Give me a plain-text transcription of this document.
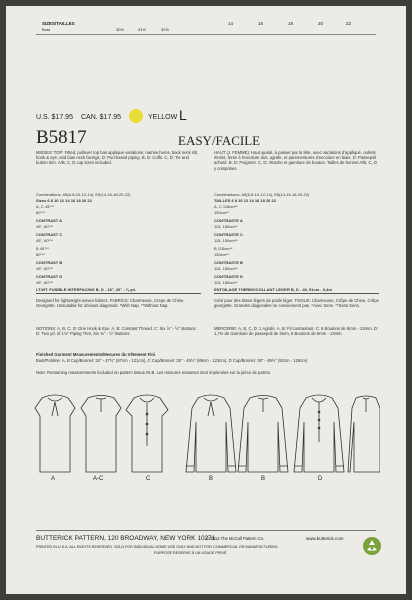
SIZES/TAILLES
Bust	30½	31½	32½
14	16	18	20	22
U.S. $17.95 CAN. $17.95	YELLOW L
B5817	EASY/FACILE
MISSES' TOP: Fitted, pullover top has applique variations, narrow hems, back neck slit, hook & eye, and bias neck facings. D: Purchased piping. B, D: Cuffs. C, D: Tie and button trim. A/B, C, D cup sizes included.
HAUT (J. FEMME): Haut ajusté, à passer par la tête, avec variations d'appliqué, ourlets étroits, fente à l'encolure dos, agrafe, et parementures d'encolure en biais. D: Passepoil acheté. B, D: Poignets. C, D: Attache et garniture de bouton. Tailles de bonnet A/B, C, D y comprises.
Combinations: A5(6-8-10-12-14), E5(14-16-18-20-22)
Sizes 6 8 10 12 14 16 18 20 22
A, C 45"**
60"**
CONTRAST A
45", 60"**
CONTRAST C
45", 60"**
B 45"**
60"**
CONTRAST B
45", 60"**
CONTRAST D
45", 60"**
LT.WT. FUSIBLE INTERFACING B, D - 18", 20" - ⅜ yd.
Combinaisons: A5(6-8-10-12-14), E5(14-16-18-20-22)
TAILLES 6 8 10 12 14 16 18 20 22
A, C 115cm**
150cm**
CONTRASTE A
115, 150cm**
CONTRASTE C
115, 150cm**
B 115cm**
150cm**
CONTRASTE B
115, 150cm**
CONTRASTE D
115, 150cm**
ENTOILAGE THERMOCOLLANT LÉGER B, D - 46, 51cm - 0,4m
Designed for lightweight woven fabrics. FABRICS: Charmeuse, Crepe de Chine, Georgette. Unsuitable for obvious diagonals. *With Nap. **Without Nap.
NOTIONS: A, B, C, D: One Hook & Eye. A, B: Contrast Thread. C: Six ⅞" - ½" Buttons. D: Two yd. of 1⅛" Piping Trim, Six ⅜" - ½" Buttons.
Créé pour des tissus légers de poids léger. TISSUS: Charmeuse, Crêpe de Chine, Crêpe georgette. Grandes diagonales ne conviennent pas. *Avec Sens. **Sans Sens.
MERCERIE: A, B, C, D: 1 Agrafe. A, B: Fil contrastant. C: 6 Boutons de 9mm - 13mm. D: 1,7m de Garniture de passepoil de 3mm, 6 Boutons de 9mm - 13mm.
Finished Garment Measurements/Mesures du Vêtement Fini
Bust/Poitrine: A, B Cup/Bonnet: 34" - 47½" (87cm - 121cm), C Cup/Bonnet: 35" - 48½" (89cm - 123cm), D Cup/Bonnet: 36" - 49½" (92cm - 126cm)
Note: Remaining measurements included on pattern tissue./N.B. Les mesures restantes sont imprimées sur la pièce de patron.
A	A-C	C	B	B	D
BUTTERICK PATTERN, 120 BROADWAY, NEW YORK 10271
© 2012 The McCall Pattern Co.	www.butterick.com
PRINTED IN U.S.A. ALL RIGHTS RESERVED. SOLD FOR INDIVIDUAL HOME USE ONLY AND NOT FOR COMMERCIAL OR MANUFACTURING
PURPOSE RESERVE À UN USAGE PRIVÉ
